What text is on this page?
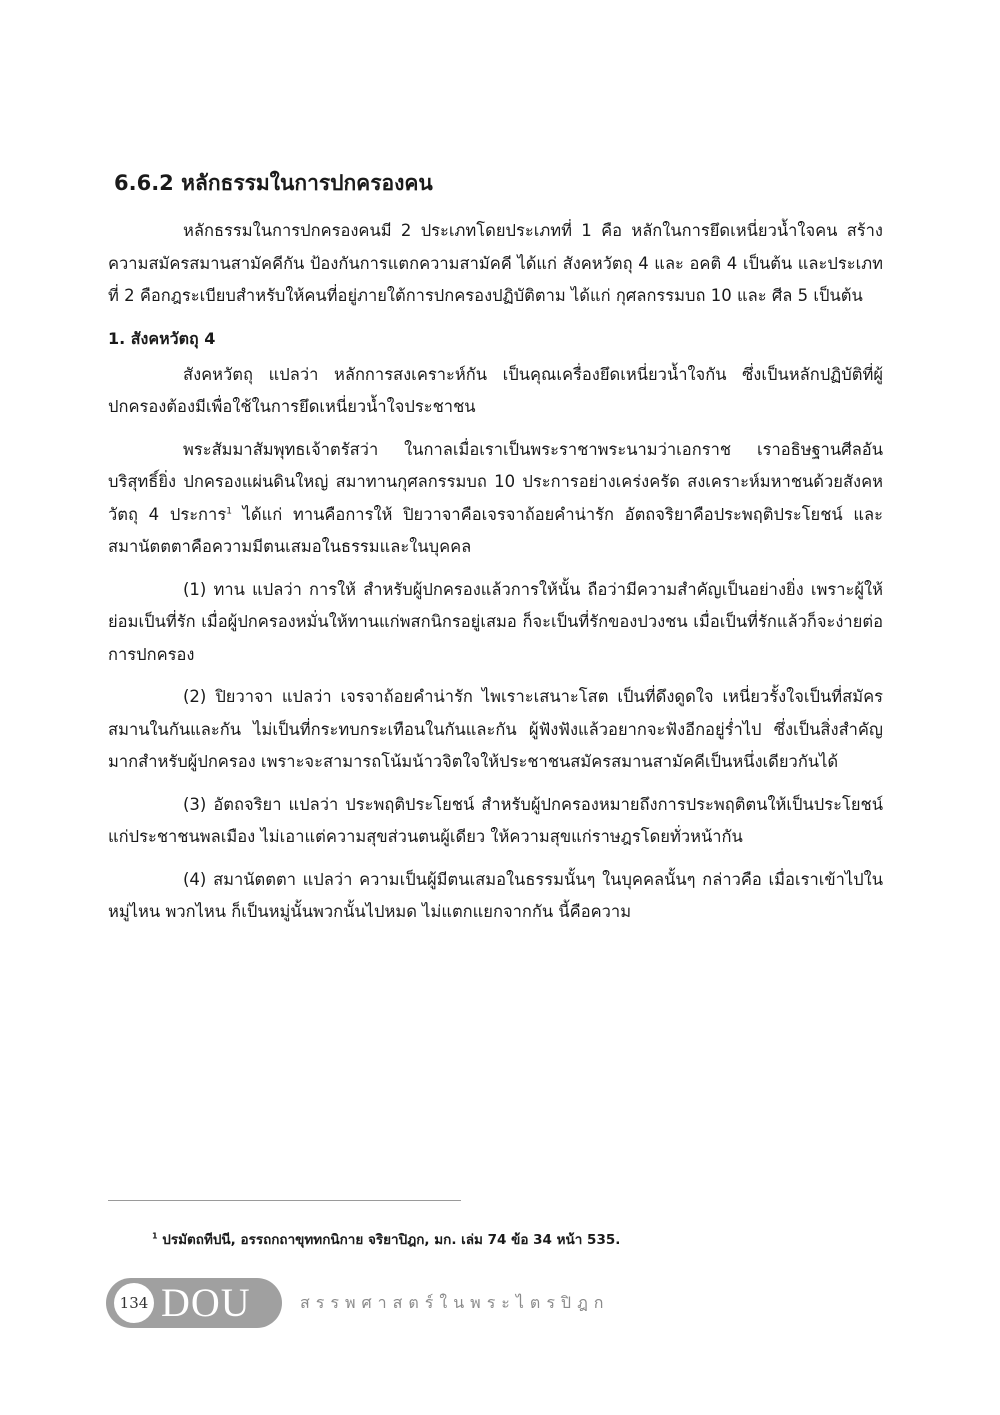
6.6.2 หลักธรรมในการปกครองคน

หลักธรรมในการปกครองคนมี 2 ประเภทโดยประเภทที่ 1 คือ หลักในการยึดเหนี่ยวน้ำใจคน สร้างความสมัครสมานสามัคคีกัน ป้องกันการแตกความสามัคคี ได้แก่ สังคหวัตถุ 4 และ อคติ 4 เป็นต้น และประเภทที่ 2 คือกฎระเบียบสำหรับให้คนที่อยู่ภายใต้การปกครองปฏิบัติตาม ได้แก่ กุศลกรรมบถ 10 และ ศีล 5 เป็นต้น

1. สังคหวัตถุ 4

สังคหวัตถุ แปลว่า หลักการสงเคราะห์กัน เป็นคุณเครื่องยึดเหนี่ยวน้ำใจกัน ซึ่งเป็นหลักปฏิบัติที่ผู้ปกครองต้องมีเพื่อใช้ในการยึดเหนี่ยวน้ำใจประชาชน

พระสัมมาสัมพุทธเจ้าตรัสว่า ในกาลเมื่อเราเป็นพระราชาพระนามว่าเอกราช เราอธิษฐานศีลอันบริสุทธิ์ยิ่ง ปกครองแผ่นดินใหญ่ สมาทานกุศลกรรมบถ 10 ประการอย่างเคร่งครัด สงเคราะห์มหาชนด้วยสังคหวัตถุ 4 ประการ$^1$ ได้แก่ ทานคือการให้ ปิยวาจาคือเจรจาถ้อยคำน่ารัก อัตถจริยาคือประพฤติประโยชน์ และ สมานัตตตาคือความมีตนเสมอในธรรมและในบุคคล

(1) ทาน แปลว่า การให้ สำหรับผู้ปกครองแล้วการให้นั้น ถือว่ามีความสำคัญเป็นอย่างยิ่ง เพราะผู้ให้ย่อมเป็นที่รัก เมื่อผู้ปกครองหมั่นให้ทานแก่พสกนิกรอยู่เสมอ ก็จะเป็นที่รักของปวงชน เมื่อเป็นที่รักแล้วก็จะง่ายต่อการปกครอง

(2) ปิยวาจา แปลว่า เจรจาถ้อยคำน่ารัก ไพเราะเสนาะโสต เป็นที่ดึงดูดใจ เหนี่ยวรั้งใจเป็นที่สมัครสมานในกันและกัน ไม่เป็นที่กระทบกระเทือนในกันและกัน ผู้ฟังฟังแล้วอยากจะฟังอีกอยู่ร่ำไป ซึ่งเป็นสิ่งสำคัญมากสำหรับผู้ปกครอง เพราะจะสามารถโน้มน้าวจิตใจให้ประชาชนสมัครสมานสามัคคีเป็นหนึ่งเดียวกันได้

(3) อัตถจริยา แปลว่า ประพฤติประโยชน์ สำหรับผู้ปกครองหมายถึงการประพฤติตนให้เป็นประโยชน์แก่ประชาชนพลเมือง ไม่เอาแต่ความสุขส่วนตนผู้เดียว ให้ความสุขแก่ราษฎรโดยทั่วหน้ากัน

(4) สมานัตตตา แปลว่า ความเป็นผู้มีตนเสมอในธรรมนั้นๆ ในบุคคลนั้นๆ กล่าวคือ เมื่อเราเข้าไปในหมู่ไหน พวกไหน ก็เป็นหมู่นั้นพวกนั้นไปหมด ไม่แตกแยกจากกัน นี้คือความ

$^1$ ปรมัตถทีปนี, อรรถกถาขุททกนิกาย จริยาปิฎก, มก. เล่ม 74 ข้อ 34 หน้า 535.
134 DOU	สรรพศาสตร์ในพระไตรปิฎก
